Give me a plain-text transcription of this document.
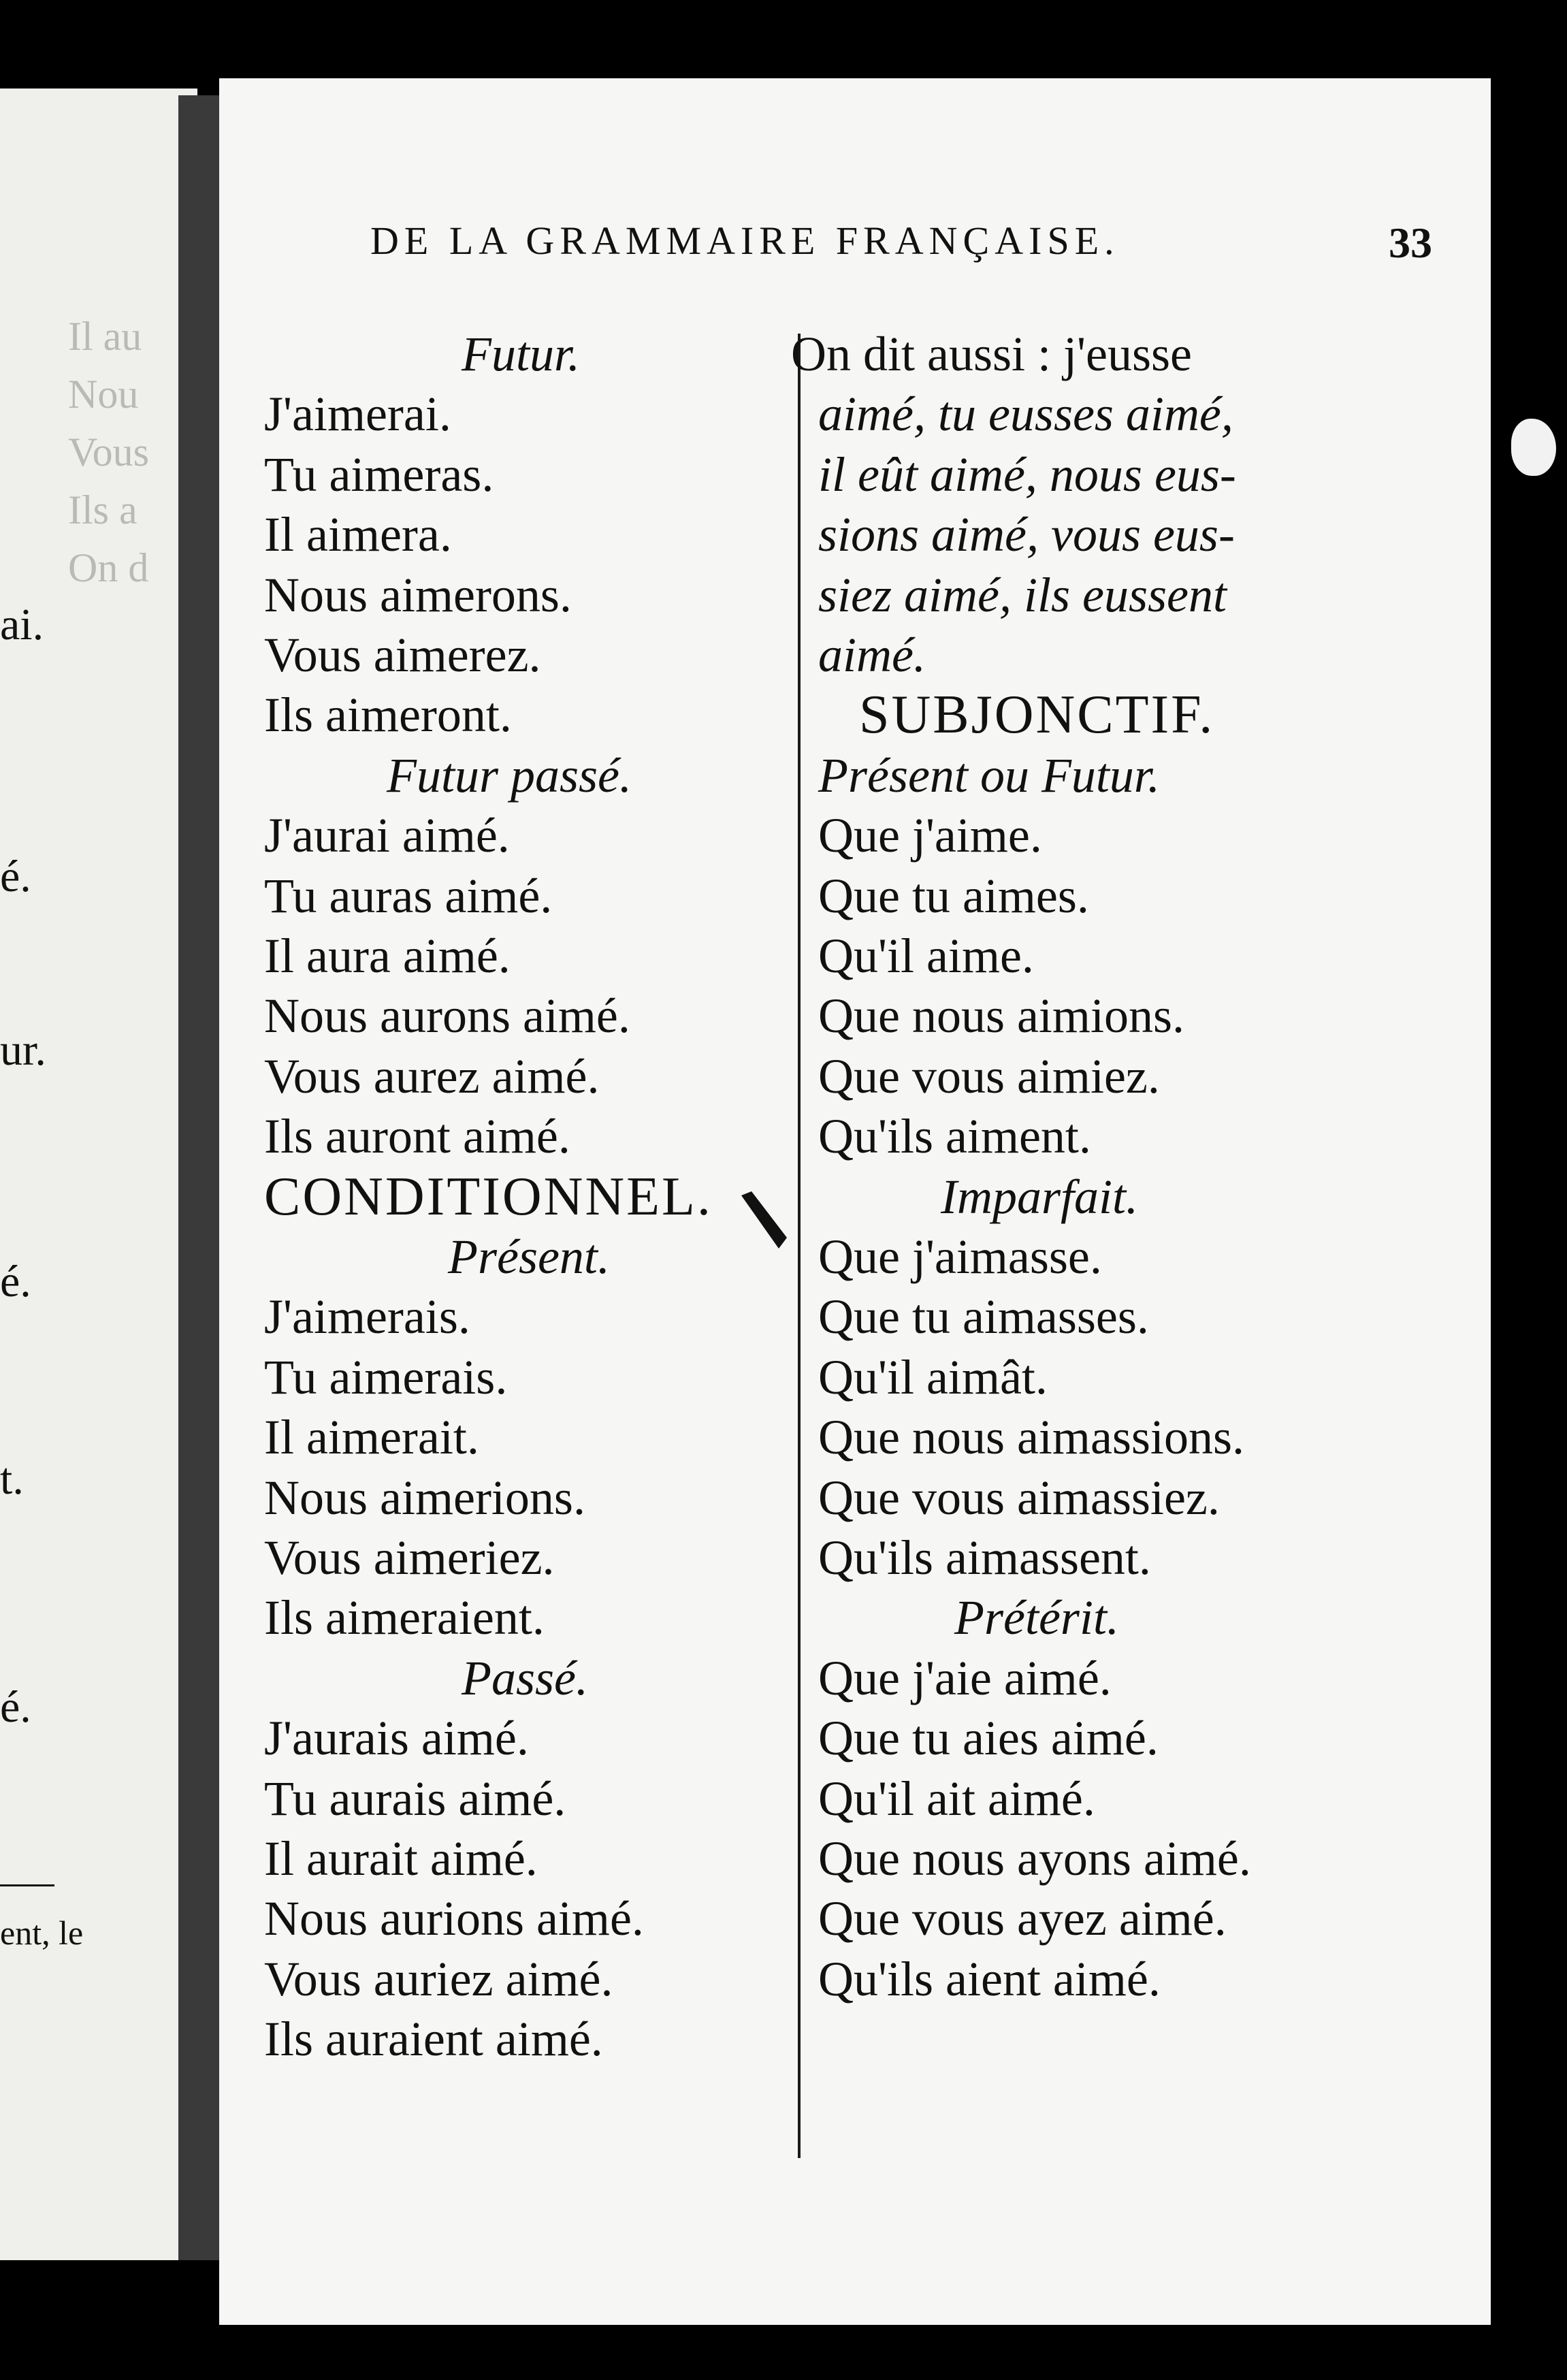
Il au
Nou
Vous
Ils a
On d
ai.
é.
ur.
é.
t.
é.
ent, le
DE LA GRAMMAIRE FRANÇAISE.	33
Futur.
J'aimerai.
Tu aimeras.
Il aimera.
Nous aimerons.
Vous aimerez.
Ils aimeront.
Futur passé.
J'aurai aimé.
Tu auras aimé.
Il aura aimé.
Nous aurons aimé.
Vous aurez aimé.
Ils auront aimé.
CONDITIONNEL.
Présent.
J'aimerais.
Tu aimerais.
Il aimerait.
Nous aimerions.
Vous aimeriez.
Ils aimeraient.
Passé.
J'aurais aimé.
Tu aurais aimé.
Il aurait aimé.
Nous aurions aimé.
Vous auriez aimé.
Ils auraient aimé.
On dit aussi : j'eusse
aimé, tu eusses aimé,
il eût aimé, nous eus-
sions aimé, vous eus-
siez aimé, ils eussent
aimé.
SUBJONCTIF.
Présent ou Futur.
Que j'aime.
Que tu aimes.
Qu'il aime.
Que nous aimions.
Que vous aimiez.
Qu'ils aiment.
Imparfait.
Que j'aimasse.
Que tu aimasses.
Qu'il aimât.
Que nous aimassions.
Que vous aimassiez.
Qu'ils aimassent.
Prétérit.
Que j'aie aimé.
Que tu aies aimé.
Qu'il ait aimé.
Que nous ayons aimé.
Que vous ayez aimé.
Qu'ils aient aimé.
